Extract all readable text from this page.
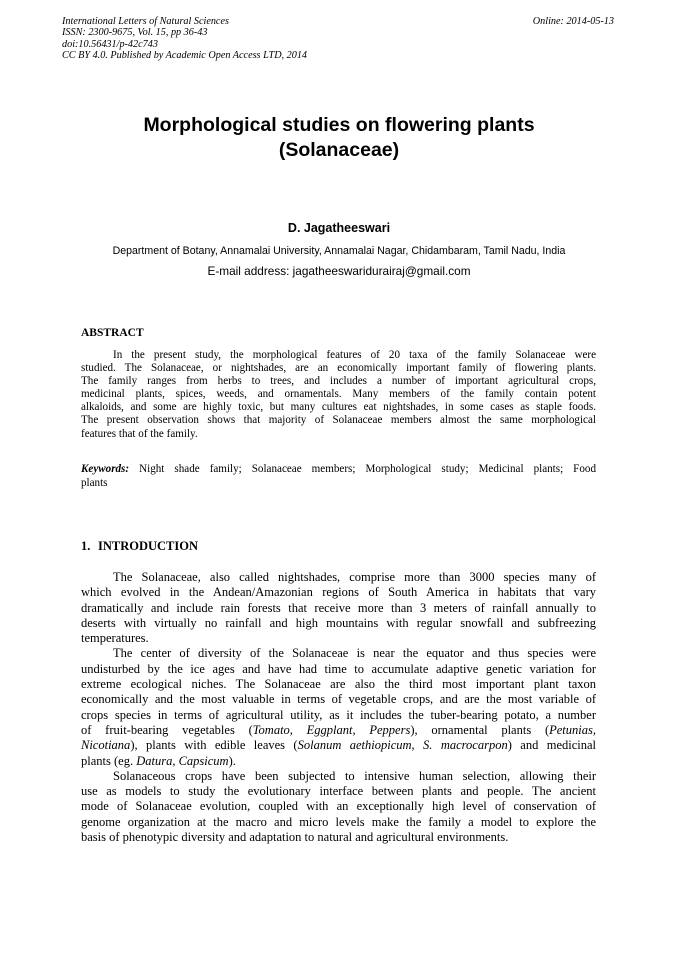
International Letters of Natural Sciences
ISSN: 2300-9675, Vol. 15, pp 36-43
doi:10.56431/p-42c743
CC BY 4.0. Published by Academic Open Access LTD, 2014
Online: 2014-05-13
Morphological studies on flowering plants
(Solanaceae)
D. Jagatheeswari
Department of Botany, Annamalai University, Annamalai Nagar, Chidambaram, Tamil Nadu, India
E-mail address: jagatheeswaridurairaj@gmail.com
ABSTRACT
In the present study, the morphological features of 20 taxa of the family Solanaceae were
studied. The Solanaceae, or nightshades, are an economically important family of flowering plants.
The family ranges from herbs to trees, and includes a number of important agricultural crops,
medicinal plants, spices, weeds, and ornamentals. Many members of the family contain potent
alkaloids, and some are highly toxic, but many cultures eat nightshades, in some cases as staple foods.
The present observation shows that majority of Solanaceae members almost the same morphological
features that of the family.
Keywords: Night shade family; Solanaceae members; Morphological study; Medicinal plants; Food
plants
1. INTRODUCTION
The Solanaceae, also called nightshades, comprise more than 3000 species many of
which evolved in the Andean/Amazonian regions of South America in habitats that vary
dramatically and include rain forests that receive more than 3 meters of rainfall annually to
deserts with virtually no rainfall and high mountains with regular snowfall and subfreezing
temperatures.
The center of diversity of the Solanaceae is near the equator and thus species were
undisturbed by the ice ages and have had time to accumulate adaptive genetic variation for
extreme ecological niches. The Solanaceae are also the third most important plant taxon
economically and the most valuable in terms of vegetable crops, and are the most variable of
crops species in terms of agricultural utility, as it includes the tuber-bearing potato, a number
of fruit-bearing vegetables (Tomato, Eggplant, Peppers), ornamental plants (Petunias,
Nicotiana), plants with edible leaves (Solanum aethiopicum, S. macrocarpon) and medicinal
plants (eg. Datura, Capsicum).
Solanaceous crops have been subjected to intensive human selection, allowing their
use as models to study the evolutionary interface between plants and people. The ancient
mode of Solanaceae evolution, coupled with an exceptionally high level of conservation of
genome organization at the macro and micro levels make the family a model to explore the
basis of phenotypic diversity and adaptation to natural and agricultural environments.
